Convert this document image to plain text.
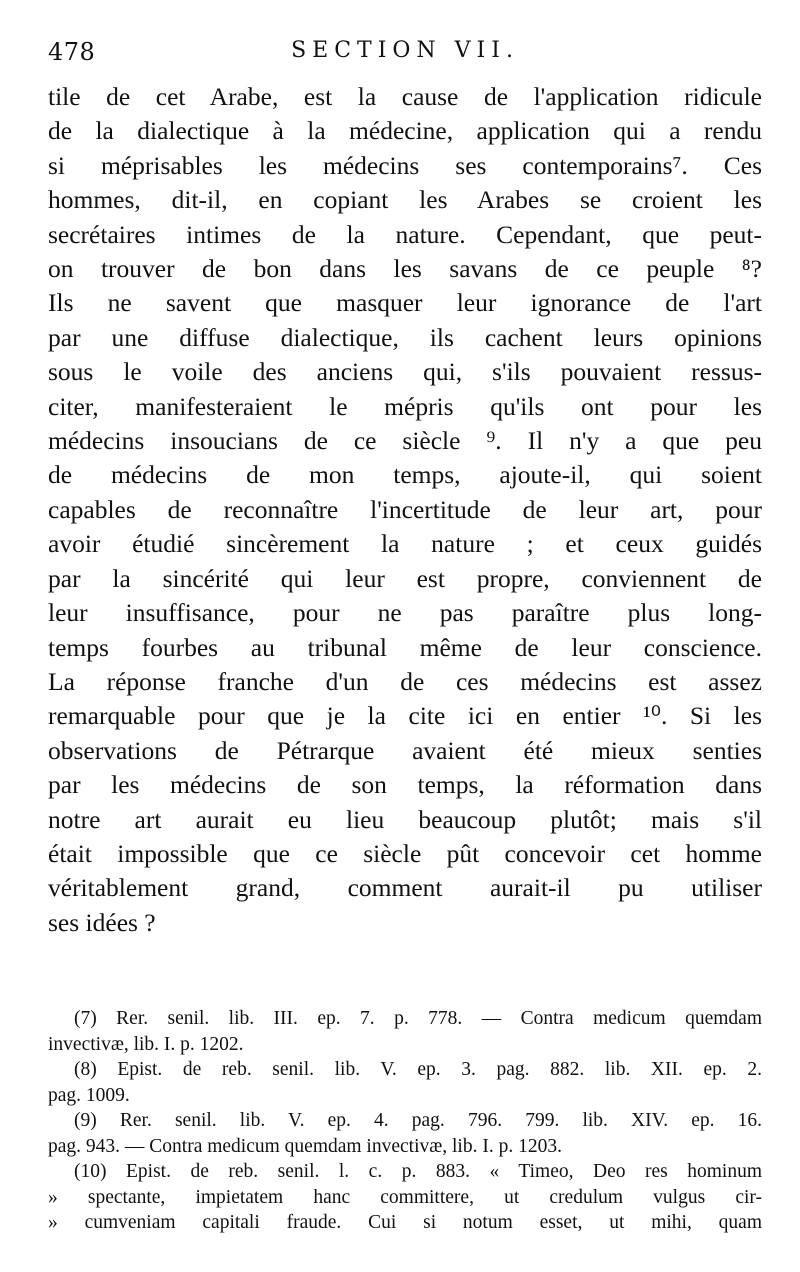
478	SECTION VII.
tile de cet Arabe, est la cause de l'application ridicule
de la dialectique à la médecine, application qui a rendu
si méprisables les médecins ses contemporains⁷. Ces
hommes, dit-il, en copiant les Arabes se croient les
secrétaires intimes de la nature. Cependant, que peut-
on trouver de bon dans les savans de ce peuple ⁸?
Ils ne savent que masquer leur ignorance de l'art
par une diffuse dialectique, ils cachent leurs opinions
sous le voile des anciens qui, s'ils pouvaient ressus-
citer, manifesteraient le mépris qu'ils ont pour les
médecins insoucians de ce siècle ⁹. Il n'y a que peu
de médecins de mon temps, ajoute-il, qui soient
capables de reconnaître l'incertitude de leur art, pour
avoir étudié sincèrement la nature ; et ceux guidés
par la sincérité qui leur est propre, conviennent de
leur insuffisance, pour ne pas paraître plus long-
temps fourbes au tribunal même de leur conscience.
La réponse franche d'un de ces médecins est assez
remarquable pour que je la cite ici en entier ¹⁰. Si les
observations de Pétrarque avaient été mieux senties
par les médecins de son temps, la réformation dans
notre art aurait eu lieu beaucoup plutôt; mais s'il
était impossible que ce siècle pût concevoir cet homme
véritablement grand, comment aurait-il pu utiliser
ses idées ?
(7) Rer. senil. lib. III. ep. 7. p. 778. — Contra medicum quemdam
invectivæ, lib. I. p. 1202.
(8) Epist. de reb. senil. lib. V. ep. 3. pag. 882. lib. XII. ep. 2.
pag. 1009.
(9) Rer. senil. lib. V. ep. 4. pag. 796. 799. lib. XIV. ep. 16.
pag. 943. — Contra medicum quemdam invectivæ, lib. I. p. 1203.
(10) Epist. de reb. senil. l. c. p. 883. « Timeo, Deo res hominum
» spectante, impietatem hanc committere, ut credulum vulgus cir-
» cumveniam capitali fraude. Cui si notum esset, ut mihi, quam
